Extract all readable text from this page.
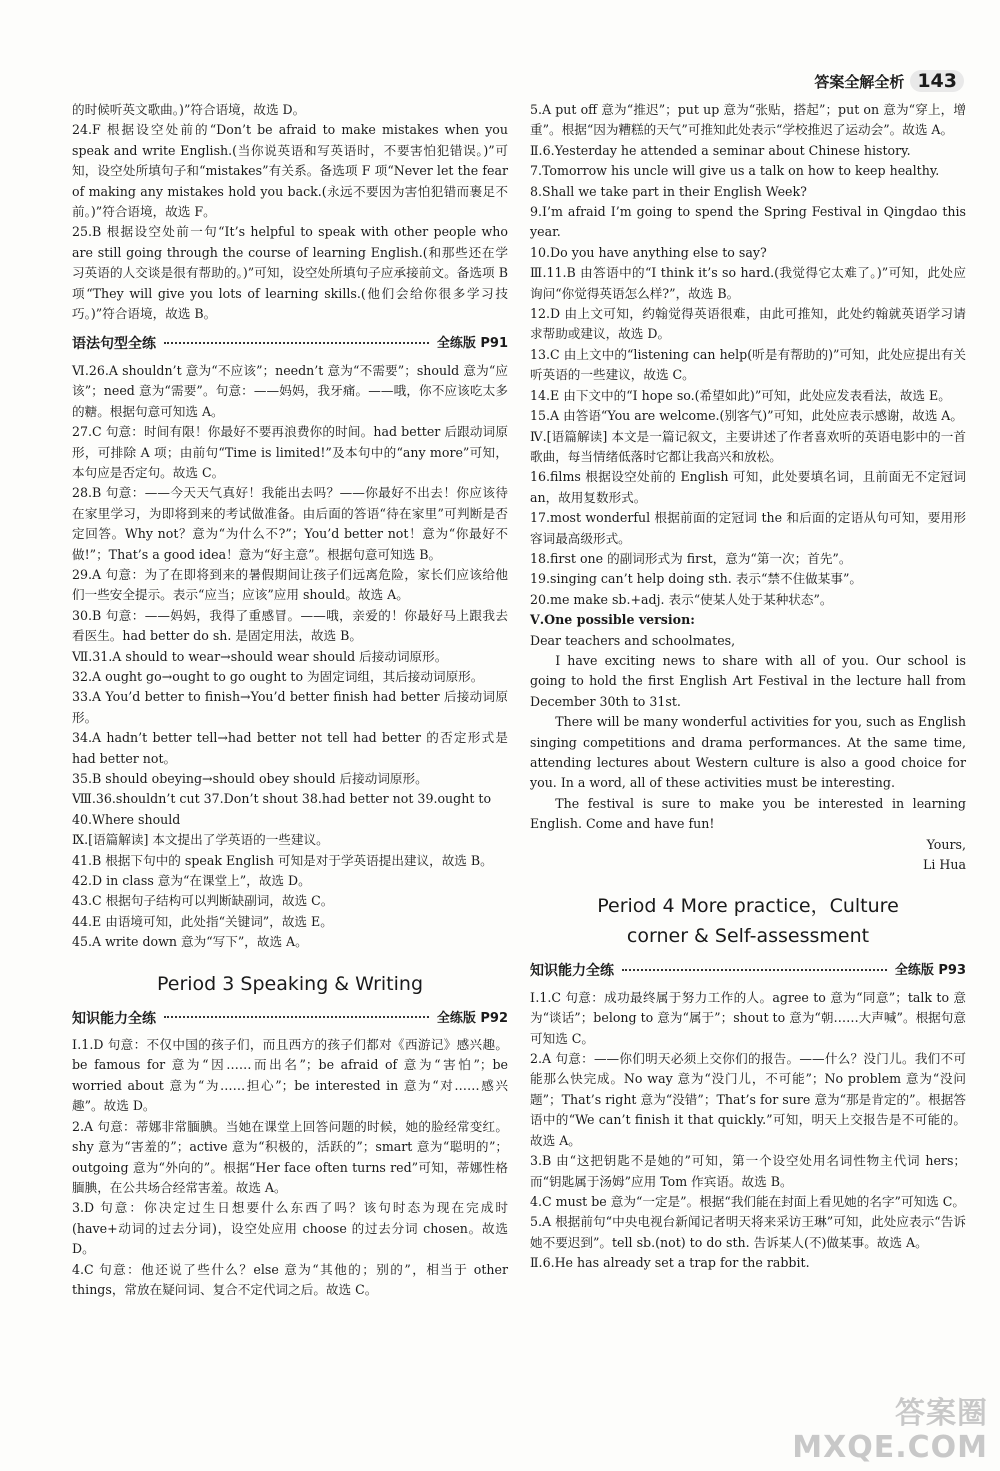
答案全解全析 143

的时候听英文歌曲。)”符合语境，故选 D。

24.F 根据设空处前的“Don’t be afraid to make mistakes when you speak and write English.(当你说英语和写英语时，不要害怕犯错误。)”可知，设空处所填句子和“mistakes”有关系。备选项 F 项“Never let the fear of making any mistakes hold you back.(永远不要因为害怕犯错而裹足不前。)”符合语境，故选 F。

25.B 根据设空处前一句“It’s helpful to speak with other people who are still going through the course of learning English.(和那些还在学习英语的人交谈是很有帮助的。)”可知，设空处所填句子应承接前文。备选项 B 项“They will give you lots of learning skills.(他们会给你很多学习技巧。)”符合语境，故选 B。

语法句型全练	全练版 P91

Ⅵ.26.A shouldn’t 意为“不应该”；needn’t 意为“不需要”；should 意为“应该”；need 意为“需要”。句意：——妈妈，我牙痛。——哦，你不应该吃太多的糖。根据句意可知选 A。

27.C 句意：时间有限！你最好不要再浪费你的时间。had better 后跟动词原形，可排除 A 项；由前句“Time is limited!”及本句中的“any more”可知，本句应是否定句。故选 C。

28.B 句意：——今天天气真好！我能出去吗？——你最好不出去！你应该待在家里学习，为即将到来的考试做准备。由后面的答语“待在家里”可判断是否定回答。Why not？意为“为什么不?”；You’d better not！意为“你最好不做!”；That’s a good idea！意为“好主意”。根据句意可知选 B。

29.A 句意：为了在即将到来的暑假期间让孩子们远离危险，家长们应该给他们一些安全提示。表示“应当；应该”应用 should。故选 A。

30.B 句意：——妈妈，我得了重感冒。——哦，亲爱的！你最好马上跟我去看医生。had better do sh. 是固定用法，故选 B。

Ⅶ.31.A should to wear→should wear should 后接动词原形。

32.A ought go→ought to go ought to 为固定词组，其后接动词原形。

33.A You’d better to finish→You’d better finish had better 后接动词原形。

34.A hadn’t better tell→had better not tell had better 的否定形式是 had better not。

35.B should obeying→should obey should 后接动词原形。

Ⅷ.36.shouldn’t cut 37.Don’t shout 38.had better not 39.ought to

40.Where should

Ⅸ.[语篇解读] 本文提出了学英语的一些建议。

41.B 根据下句中的 speak English 可知是对于学英语提出建议，故选 B。

42.D in class 意为“在课堂上”，故选 D。

43.C 根据句子结构可以判断缺副词，故选 C。

44.E 由语境可知，此处指“关键词”，故选 E。

45.A write down 意为“写下”，故选 A。

Period 3 Speaking & Writing
知识能力全练	全练版 P92

Ⅰ.1.D 句意：不仅中国的孩子们，而且西方的孩子们都对《西游记》感兴趣。be famous for 意为“因……而出名”；be afraid of 意为“害怕”；be worried about 意为“为……担心”；be interested in 意为“对……感兴趣”。故选 D。

2.A 句意：蒂娜非常腼腆。当她在课堂上回答问题的时候，她的脸经常变红。shy 意为“害羞的”；active 意为“积极的，活跃的”；smart 意为“聪明的”；outgoing 意为“外向的”。根据“Her face often turns red”可知，蒂娜性格腼腆，在公共场合经常害羞。故选 A。

3.D 句意：你决定过生日想要什么东西了吗？该句时态为现在完成时(have+动词的过去分词)，设空处应用 choose 的过去分词 chosen。故选 D。

4.C 句意：他还说了些什么？else 意为“其他的；别的”，相当于 other things，常放在疑问词、复合不定代词之后。故选 C。

5.A put off 意为“推迟”；put up 意为“张贴，搭起”；put on 意为“穿上，增重”。根据“因为糟糕的天气”可推知此处表示“学校推迟了运动会”。故选 A。

Ⅱ.6.Yesterday he attended a seminar about Chinese history.

7.Tomorrow his uncle will give us a talk on how to keep healthy.

8.Shall we take part in their English Week?

9.I’m afraid I’m going to spend the Spring Festival in Qingdao this year.

10.Do you have anything else to say?

Ⅲ.11.B 由答语中的“I think it’s so hard.(我觉得它太难了。)”可知，此处应询问“你觉得英语怎么样?”，故选 B。

12.D 由上文可知，约翰觉得英语很难，由此可推知，此处约翰就英语学习请求帮助或建议，故选 D。

13.C 由上文中的“listening can help(听是有帮助的)”可知，此处应提出有关听英语的一些建议，故选 C。

14.E 由下文中的“I hope so.(希望如此)”可知，此处应发表看法，故选 E。

15.A 由答语“You are welcome.(别客气)”可知，此处应表示感谢，故选 A。

Ⅳ.[语篇解读] 本文是一篇记叙文，主要讲述了作者喜欢听的英语电影中的一首歌曲，每当情绪低落时它都让我高兴和放松。

16.films 根据设空处前的 English 可知，此处要填名词，且前面无不定冠词 an，故用复数形式。

17.most wonderful 根据前面的定冠词 the 和后面的定语从句可知，要用形容词最高级形式。

18.first one 的副词形式为 first，意为“第一次；首先”。

19.singing can’t help doing sth. 表示“禁不住做某事”。

20.me make sb.+adj. 表示“使某人处于某种状态”。

Ⅴ.One possible version:

Dear teachers and schoolmates,

I have exciting news to share with all of you. Our school is going to hold the first English Art Festival in the lecture hall from December 30th to 31st.

There will be many wonderful activities for you, such as English singing competitions and drama performances. At the same time, attending lectures about Western culture is also a good choice for you. In a word, all of these activities must be interesting.

The festival is sure to make you be interested in learning English. Come and have fun!

Yours,

Li Hua

Period 4 More practice，Culture
corner & Self-assessment
知识能力全练	全练版 P93

Ⅰ.1.C 句意：成功最终属于努力工作的人。agree to 意为“同意”；talk to 意为“谈话”；belong to 意为“属于”；shout to 意为“朝……大声喊”。根据句意可知选 C。

2.A 句意：——你们明天必须上交你们的报告。——什么？没门儿。我们不可能那么快完成。No way 意为“没门儿，不可能”；No problem 意为“没问题”；That’s right 意为“没错”；That’s for sure 意为“那是肯定的”。根据答语中的“We can’t finish it that quickly.”可知，明天上交报告是不可能的。故选 A。

3.B 由“这把钥匙不是她的”可知，第一个设空处用名词性物主代词 hers；而“钥匙属于汤姆”应用 Tom 作宾语。故选 B。

4.C must be 意为“一定是”。根据“我们能在封面上看见她的名字”可知选 C。

5.A 根据前句“中央电视台新闻记者明天将来采访王琳”可知，此处应表示“告诉她不要迟到”。tell sb.(not) to do sth. 告诉某人(不)做某事。故选 A。

Ⅱ.6.He has already set a trap for the rabbit.

答案圈
MXQE.COM
